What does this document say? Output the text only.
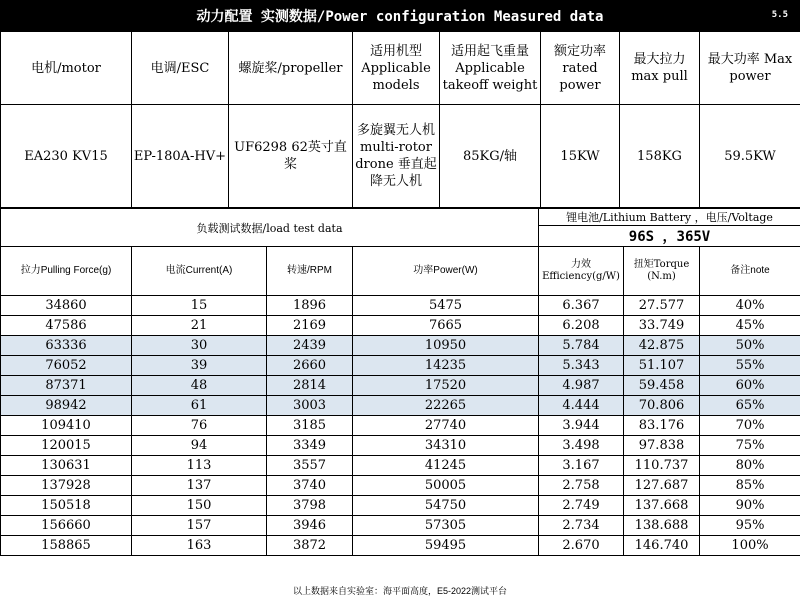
动力配置 实测数据/Power configuration Measured data	5.5
电机/motor	电调/ESC	螺旋桨/propeller	适用机型 Applicable models	适用起飞重量 Applicable takeoff weight	额定功率 rated power	最大拉力 max pull	最大功率 Max power
EA230 KV15	EP-180A-HV+	UF6298 62英寸直桨	多旋翼无人机 multi-rotor drone 垂直起降无人机	85KG/轴	15KW	158KG	59.5KW
负载测试数据/load test data				锂电池/Lithium Battery ，电压/Voltage		
				96S ，365V		
拉力Pulling Force(g)	电流Current(A)	转速/RPM	功率Power(W)	力效 Efficiency(g/W)	扭矩Torque (N.m)	备注note
34860	15	1896	5475	6.367	27.577	40%
47586	21	2169	7665	6.208	33.749	45%
63336	30	2439	10950	5.784	42.875	50%
76052	39	2660	14235	5.343	51.107	55%
87371	48	2814	17520	4.987	59.458	60%
98942	61	3003	22265	4.444	70.806	65%
109410	76	3185	27740	3.944	83.176	70%
120015	94	3349	34310	3.498	97.838	75%
130631	113	3557	41245	3.167	110.737	80%
137928	137	3740	50005	2.758	127.687	85%
150518	150	3798	54750	2.749	137.668	90%
156660	157	3946	57305	2.734	138.688	95%
158865	163	3872	59495	2.670	146.740	100%
以上数据来自实验室：海平面高度，E5-2022测试平台
